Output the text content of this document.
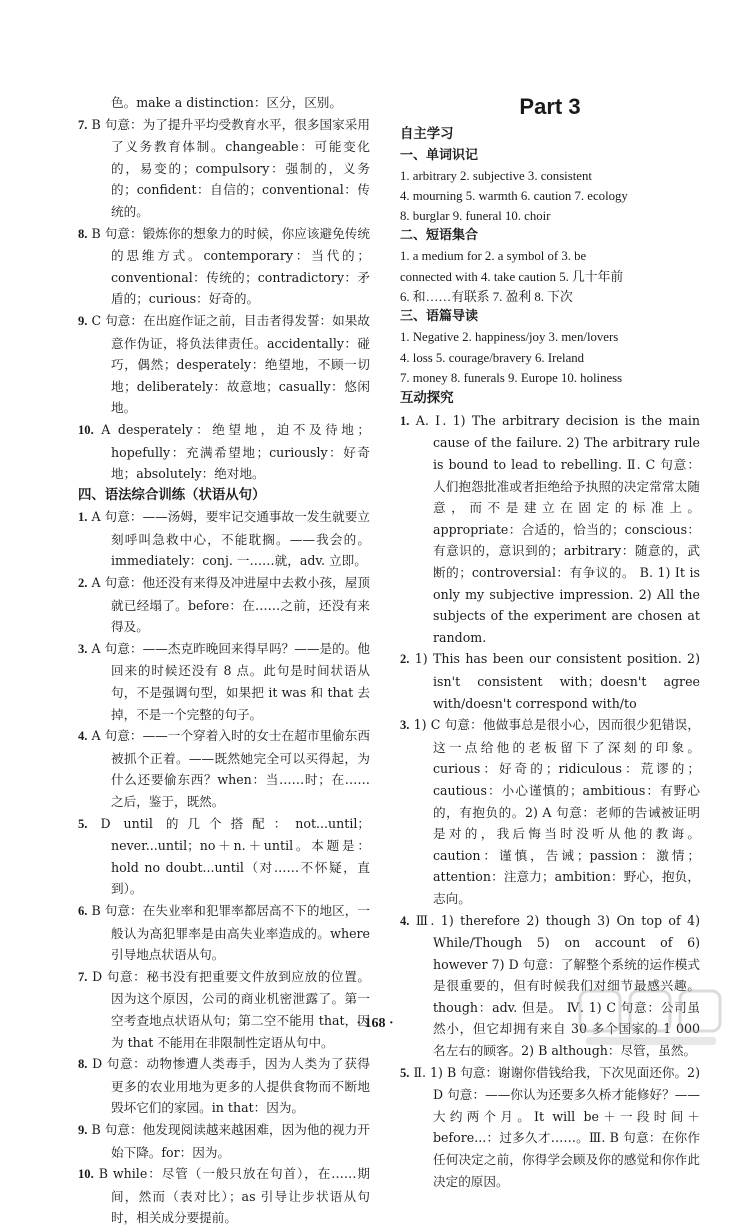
色。make a distinction：区分，区别。

7. B 句意：为了提升平均受教育水平，很多国家采用了义务教育体制。changeable：可能变化的，易变的；compulsory：强制的，义务的；confident：自信的；conventional：传统的。

8. B 句意：锻炼你的想象力的时候，你应该避免传统的思维方式。contemporary：当代的；conventional：传统的；contradictory：矛盾的；curious：好奇的。

9. C 句意：在出庭作证之前，目击者得发誓：如果故意作伪证，将负法律责任。accidentally：碰巧，偶然；desperately：绝望地，不顾一切地；deliberately：故意地；casually：悠闲地。

10. A desperately：绝望地，迫不及待地；hopefully：充满希望地；curiously：好奇地；absolutely：绝对地。

四、语法综合训练（状语从句）

1. A 句意：——汤姆，要牢记交通事故一发生就要立刻呼叫急救中心，不能耽搁。——我会的。immediately：conj. 一……就，adv. 立即。

2. A 句意：他还没有来得及冲进屋中去救小孩，屋顶就已经塌了。before：在……之前，还没有来得及。

3. A 句意：——杰克昨晚回来得早吗？——是的。他回来的时候还没有 8 点。此句是时间状语从句，不是强调句型，如果把 it was 和 that 去掉，不是一个完整的句子。

4. A 句意：——一个穿着入时的女士在超市里偷东西被抓个正着。——既然她完全可以买得起，为什么还要偷东西？when：当……时；在……之后，鉴于，既然。

5. D until 的几个搭配：not...until；never...until；no＋n.＋until。本题是：hold no doubt...until（对……不怀疑，直到）。

6. B 句意：在失业率和犯罪率都居高不下的地区，一般认为高犯罪率是由高失业率造成的。where 引导地点状语从句。

7. D 句意：秘书没有把重要文件放到应放的位置。因为这个原因，公司的商业机密泄露了。第一空考查地点状语从句；第二空不能用 that，因为 that 不能用在非限制性定语从句中。

8. D 句意：动物惨遭人类毒手，因为人类为了获得更多的农业用地为更多的人提供食物而不断地毁坏它们的家园。in that：因为。

9. B 句意：他发现阅读越来越困难，因为他的视力开始下降。for：因为。

10. B while：尽管（一般只放在句首），在……期间，然而（表对比）；as 引导让步状语从句时，相关成分要提前。

Part 3
自主学习

一、单词识记

1. arbitrary 2. subjective 3. consistent

4. mourning 5. warmth 6. caution 7. ecology

8. burglar 9. funeral 10. choir

二、短语集合

1. a medium for 2. a symbol of 3. be

connected with 4. take caution 5. 几十年前

6. 和……有联系 7. 盈利 8. 下次

三、语篇导读

1. Negative 2. happiness/joy 3. men/lovers

4. loss 5. courage/bravery 6. Ireland

7. money 8. funerals 9. Europe 10. holiness

互动探究

1. A. Ⅰ. 1) The arbitrary decision is the main cause of the failure. 2) The arbitrary rule is bound to lead to rebelling. Ⅱ. C 句意：人们抱怨批准或者拒绝给予执照的决定常常太随意，而不是建立在固定的标准上。appropriate：合适的，恰当的；conscious：有意识的，意识到的；arbitrary：随意的，武断的；controversial：有争议的。 B. 1) It is only my subjective impression. 2) All the subjects of the experiment are chosen at random.

2. 1) This has been our consistent position. 2) isn't consistent with；doesn't agree with/doesn't correspond with/to

3. 1) C 句意：他做事总是很小心，因而很少犯错误，这一点给他的老板留下了深刻的印象。curious：好奇的；ridiculous：荒谬的；cautious：小心谨慎的；ambitious：有野心的，有抱负的。2) A 句意：老师的告诫被证明是对的，我后悔当时没听从他的教诲。caution：谨慎，告诫；passion：激情；attention：注意力；ambition：野心，抱负，志向。

4. Ⅲ. 1) therefore 2) though 3) On top of 4) While/Though 5) on account of 6) however 7) D 句意：了解整个系统的运作模式是很重要的，但有时候我们对细节最感兴趣。though：adv. 但是。 Ⅳ. 1) C 句意：公司虽然小，但它却拥有来自 30 多个国家的 1 000 名左右的顾客。2) B although：尽管，虽然。

5. Ⅱ. 1) B 句意：谢谢你借钱给我，下次见面还你。2) D 句意：——你认为还要多久桥才能修好？——大约两个月。It will be＋一段时间＋before...：过多久才……。Ⅲ. B 句意：在你作任何决定之前，你得学会顾及你的感觉和你作此决定的原因。

· 168 ·
